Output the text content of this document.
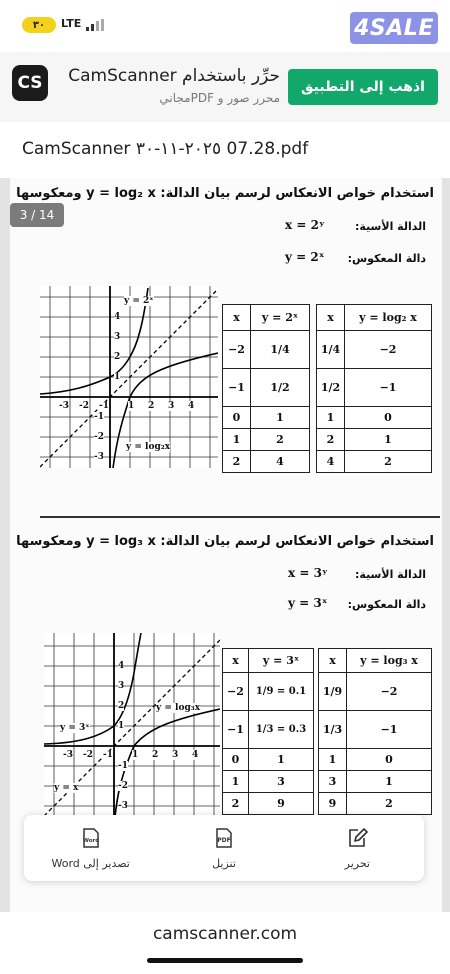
٣٠	LTE	4SALE
CS	حرِّر باستخدام CamScanner
محرر صور و PDFمجاني
اذهب إلى التطبيق
CamScanner ٢٠٢٥-١١-٣٠ 07.28.pdf
3 / 14
استخدام خواص الانعكاس لرسم بيان الدالة: y = log₂ x ومعكوسها
الدالة الأسية:
x = 2ʸ
دالة المعكوس:
y = 2ˣ
y = 2ˣ
y = log₂x
-3 -2 -1 1 2 3 4
4
3
2
1
-1
-2
-3
x	y = 2ˣ
−2	1/4
−1	1/2
0	1
1	2
2	4
x	y = log₂ x
1/4	−2
1/2	−1
1	0
2	1
4	2
استخدام خواص الانعكاس لرسم بيان الدالة: y = log₃ x ومعكوسها
الدالة الأسية:
x = 3ʸ
دالة المعكوس:
y = 3ˣ
y = log₃x
y = 3ˣ
y = x
-3 -2 -1 1 2 3 4
4
3
2
1
-1
-2
-3
x	y = 3ˣ
−2	1/9 = 0.1
−1	1/3 = 0.3
0	1
1	3
2	9
x	y = log₃ x
1/9	−2
1/3	−1
1	0
3	1
9	2
Word
تصدير إلى Word
PDF
تنزيل	تحرير
camscanner.com
